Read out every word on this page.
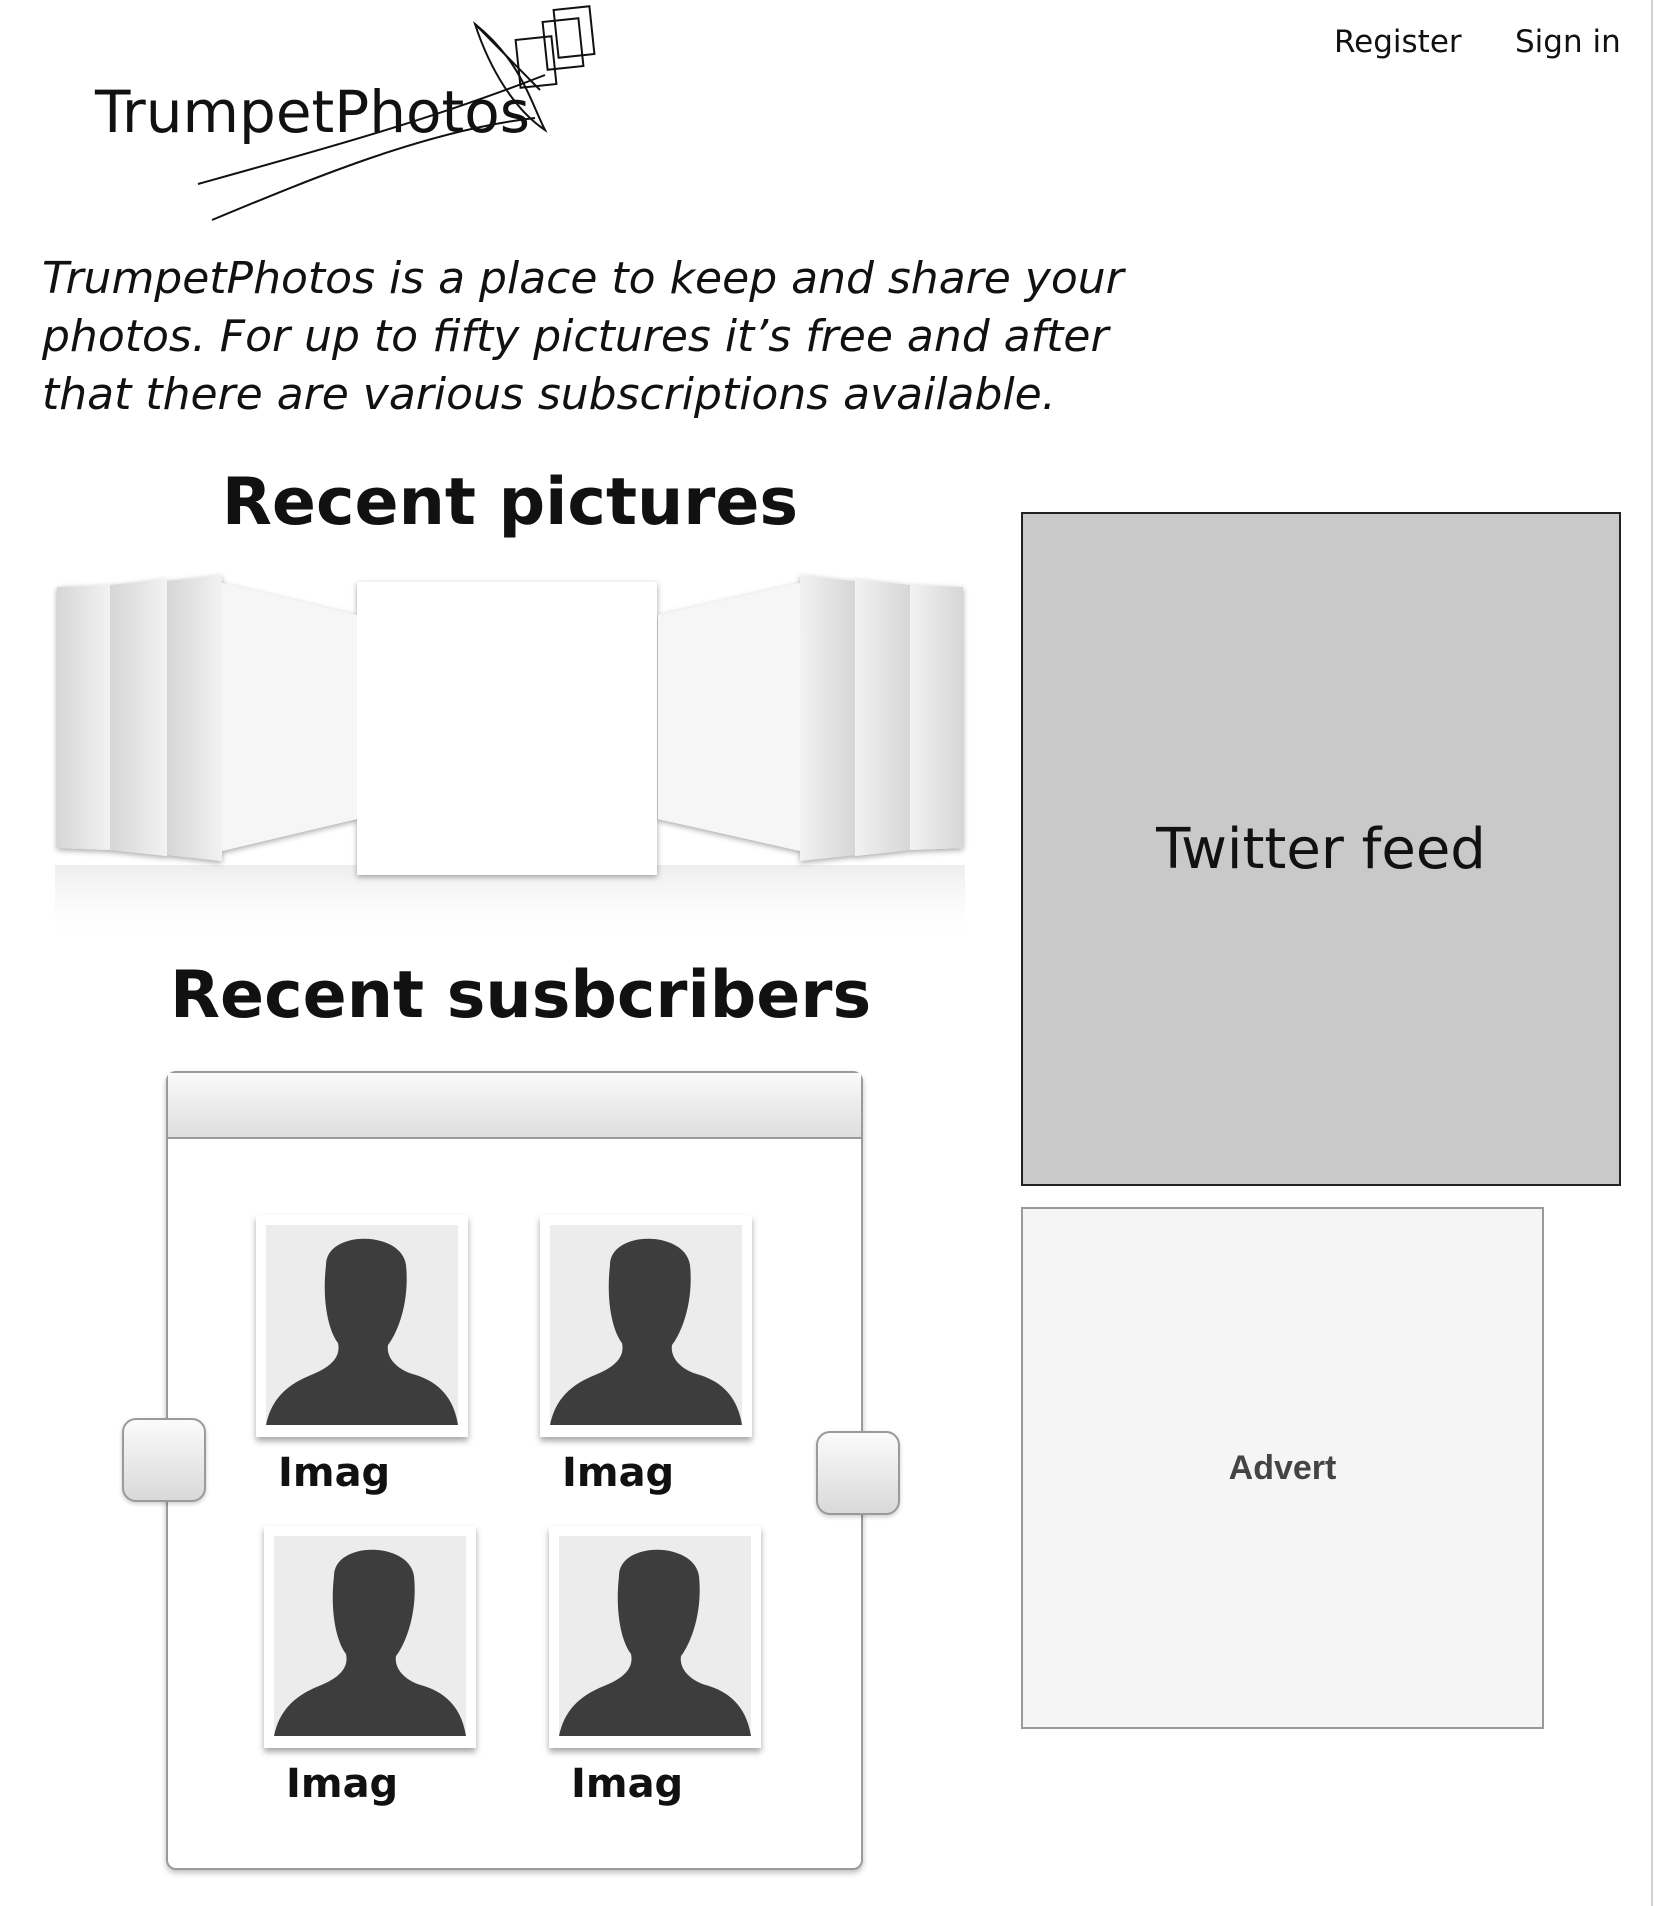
TrumpetPhotos
Register Sign in

TrumpetPhotos is a place to keep and share your photos. For up to fifty pictures it’s free and after that there are various subscriptions available.

Recent pictures
Recent susbcribers
Imag	Imag
Imag	Imag
Twitter feed
Advert
